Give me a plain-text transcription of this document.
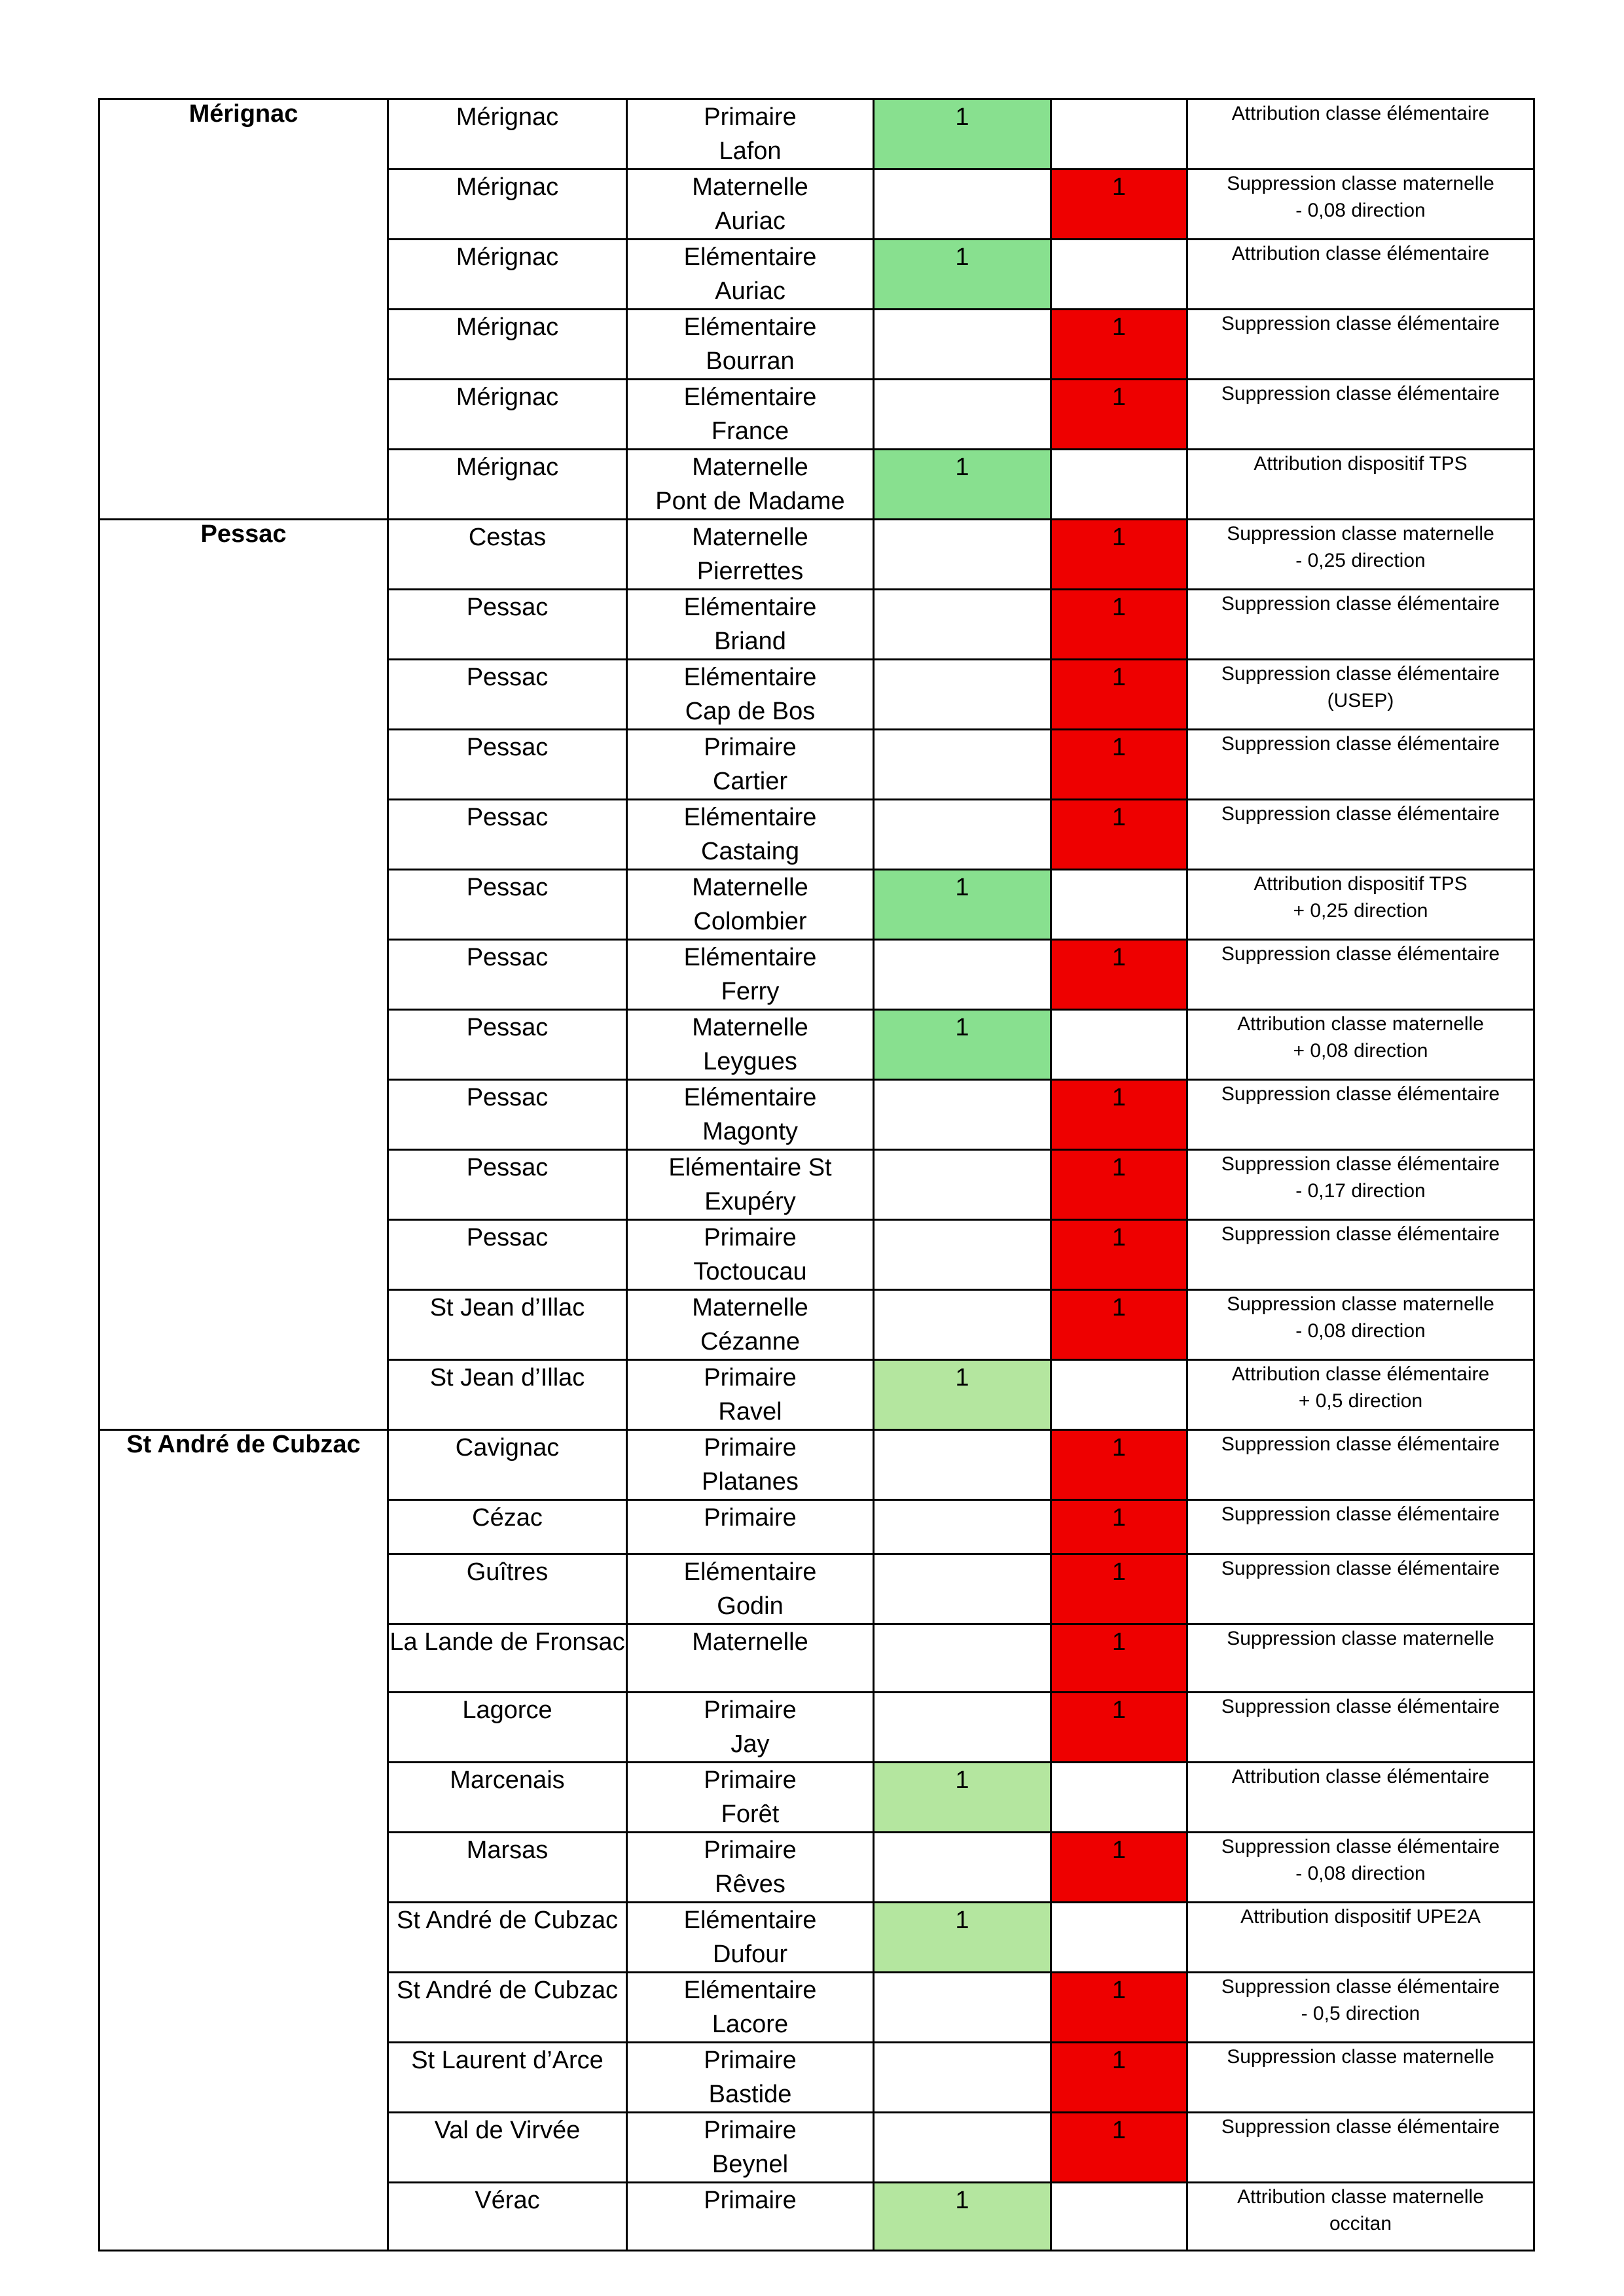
Mérignac	Mérignac	Primaire
Lafon	1		Attribution classe élémentaire

	Mérignac	Maternelle
Auriac		1	Suppression classe maternelle
- 0,08 direction

	Mérignac	Elémentaire
Auriac	1		Attribution classe élémentaire

	Mérignac	Elémentaire
Bourran		1	Suppression classe élémentaire

	Mérignac	Elémentaire
France		1	Suppression classe élémentaire

	Mérignac	Maternelle
Pont de Madame	1		Attribution dispositif TPS

Pessac	Cestas	Maternelle
Pierrettes		1	Suppression classe maternelle
- 0,25 direction

	Pessac	Elémentaire
Briand		1	Suppression classe élémentaire

	Pessac	Elémentaire
Cap de Bos		1	Suppression classe élémentaire
(USEP)

	Pessac	Primaire
Cartier		1	Suppression classe élémentaire

	Pessac	Elémentaire
Castaing		1	Suppression classe élémentaire

	Pessac	Maternelle
Colombier	1		Attribution dispositif TPS
+ 0,25 direction

	Pessac	Elémentaire
Ferry		1	Suppression classe élémentaire

	Pessac	Maternelle
Leygues	1		Attribution classe maternelle
+ 0,08 direction

	Pessac	Elémentaire
Magonty		1	Suppression classe élémentaire

	Pessac	Elémentaire St
Exupéry		1	Suppression classe élémentaire
- 0,17 direction

	Pessac	Primaire
Toctoucau		1	Suppression classe élémentaire

	St Jean d’Illac	Maternelle
Cézanne		1	Suppression classe maternelle
- 0,08 direction

	St Jean d’Illac	Primaire
Ravel	1		Attribution classe élémentaire
+ 0,5 direction

St André de Cubzac	Cavignac	Primaire
Platanes		1	Suppression classe élémentaire

	Cézac	Primaire		1	Suppression classe élémentaire

	Guîtres	Elémentaire
Godin		1	Suppression classe élémentaire

	La Lande de Fronsac	Maternelle		1	Suppression classe maternelle

	Lagorce	Primaire
Jay		1	Suppression classe élémentaire

	Marcenais	Primaire
Forêt	1		Attribution classe élémentaire

	Marsas	Primaire
Rêves		1	Suppression classe élémentaire
- 0,08 direction

	St André de Cubzac	Elémentaire
Dufour	1		Attribution dispositif UPE2A

	St André de Cubzac	Elémentaire
Lacore		1	Suppression classe élémentaire
- 0,5 direction

	St Laurent d’Arce	Primaire
Bastide		1	Suppression classe maternelle

	Val de Virvée	Primaire
Beynel		1	Suppression classe élémentaire

	Vérac	Primaire	1		Attribution classe maternelle
occitan
